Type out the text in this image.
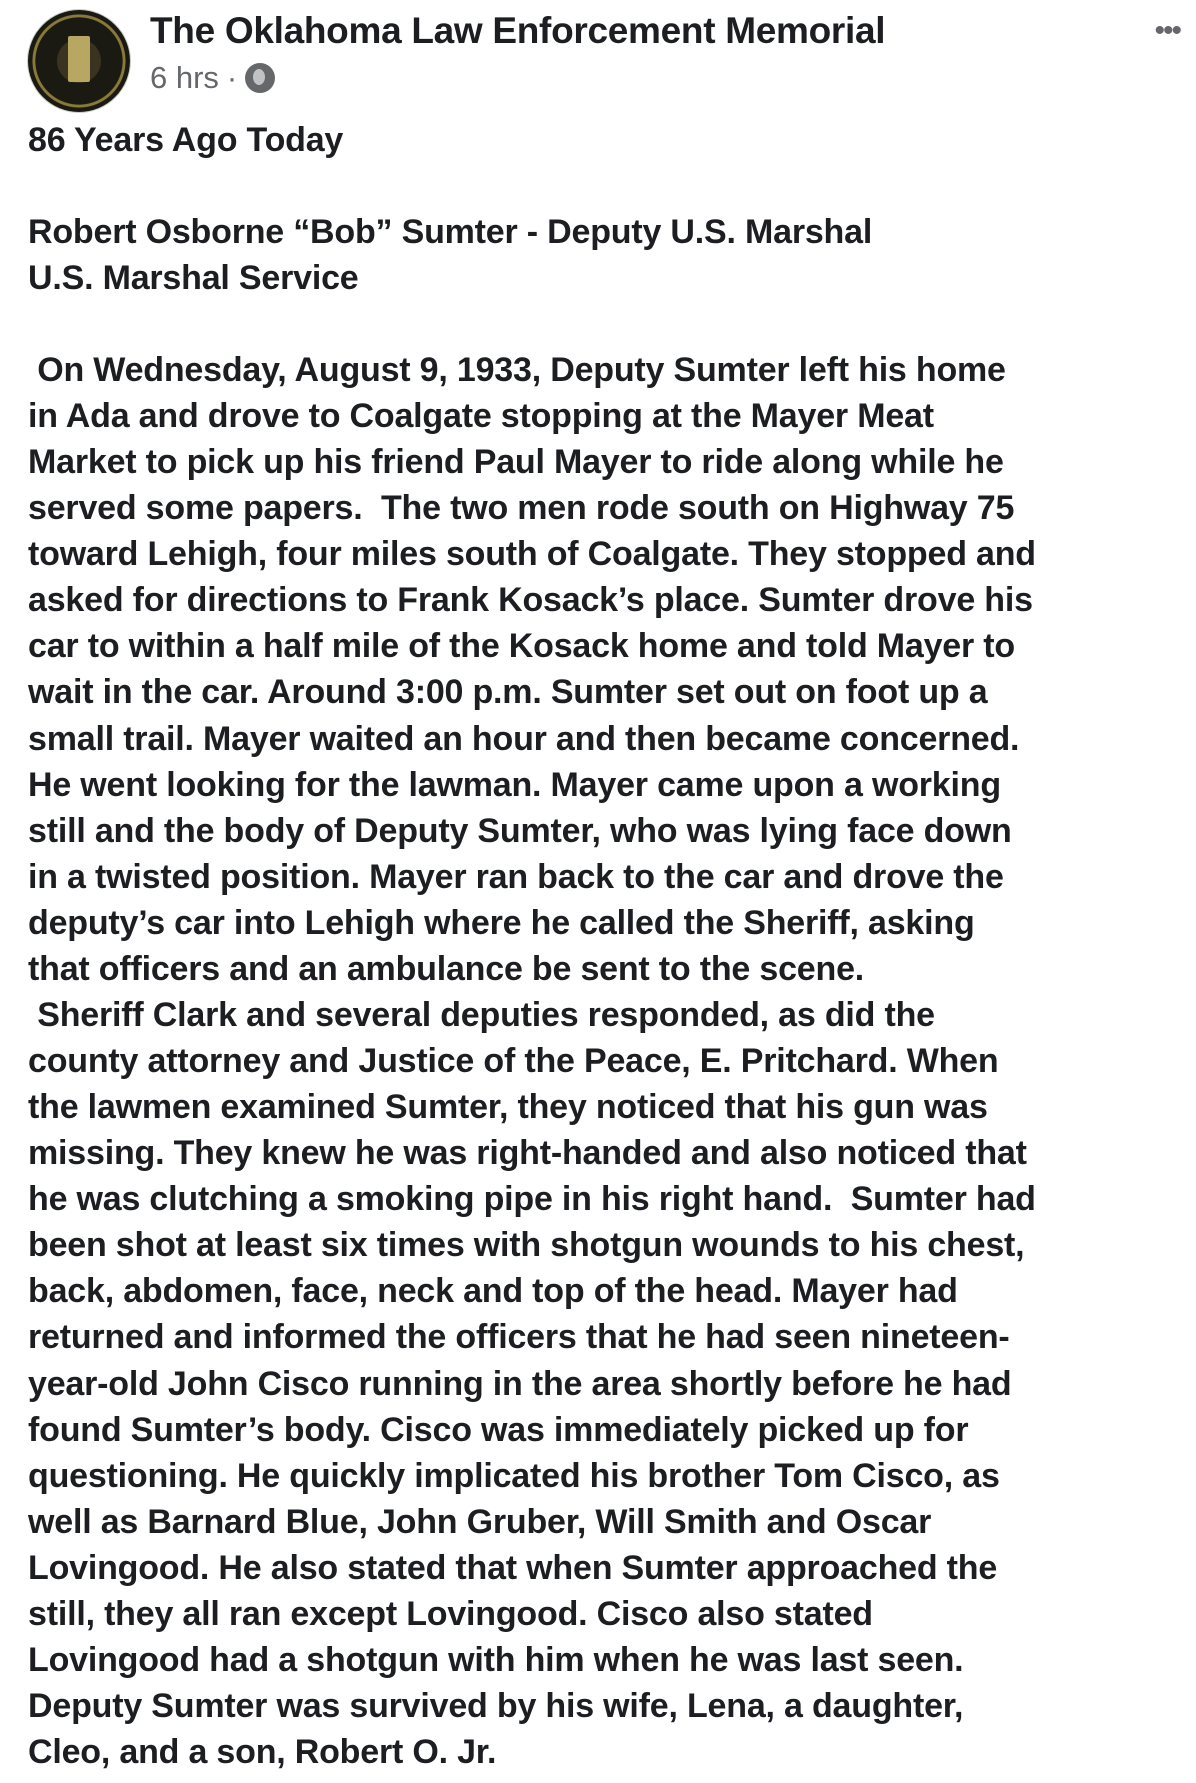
The Oklahoma Law Enforcement Memorial
6 hrs ·
•••
86 Years Ago Today
Robert Osborne “Bob” Sumter - Deputy U.S. Marshal
U.S. Marshal Service
On Wednesday, August 9, 1933, Deputy Sumter left his home
in Ada and drove to Coalgate stopping at the Mayer Meat
Market to pick up his friend Paul Mayer to ride along while he
served some papers.  The two men rode south on Highway 75
toward Lehigh, four miles south of Coalgate. They stopped and
asked for directions to Frank Kosack’s place. Sumter drove his
car to within a half mile of the Kosack home and told Mayer to
wait in the car. Around 3:00 p.m. Sumter set out on foot up a
small trail. Mayer waited an hour and then became concerned.
He went looking for the lawman. Mayer came upon a working
still and the body of Deputy Sumter, who was lying face down
in a twisted position. Mayer ran back to the car and drove the
deputy’s car into Lehigh where he called the Sheriff, asking
that officers and an ambulance be sent to the scene.
Sheriff Clark and several deputies responded, as did the
county attorney and Justice of the Peace, E. Pritchard. When
the lawmen examined Sumter, they noticed that his gun was
missing. They knew he was right-handed and also noticed that
he was clutching a smoking pipe in his right hand.  Sumter had
been shot at least six times with shotgun wounds to his chest,
back, abdomen, face, neck and top of the head. Mayer had
returned and informed the officers that he had seen nineteen-
year-old John Cisco running in the area shortly before he had
found Sumter’s body. Cisco was immediately picked up for
questioning. He quickly implicated his brother Tom Cisco, as
well as Barnard Blue, John Gruber, Will Smith and Oscar
Lovingood. He also stated that when Sumter approached the
still, they all ran except Lovingood. Cisco also stated
Lovingood had a shotgun with him when he was last seen.
Deputy Sumter was survived by his wife, Lena, a daughter,
Cleo, and a son, Robert O. Jr.
